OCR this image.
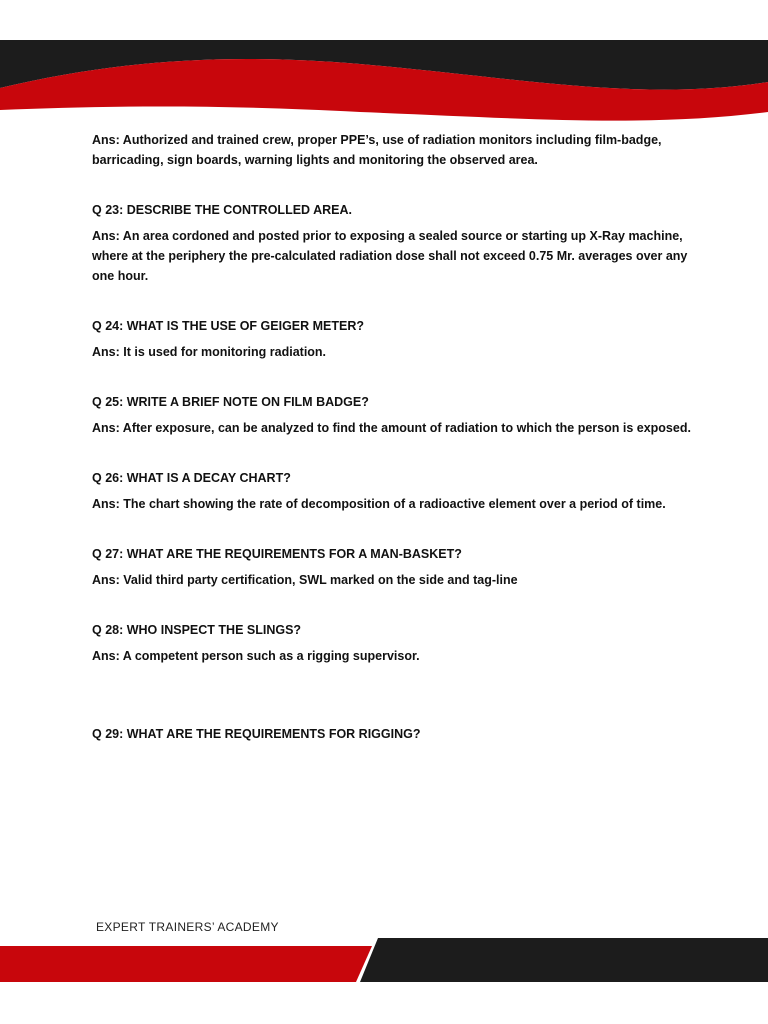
Ans: Authorized and trained crew, proper PPE’s, use of radiation monitors including film-badge, barricading, sign boards, warning lights and monitoring the observed area.

Q 23: DESCRIBE THE CONTROLLED AREA.

Ans: An area cordoned and posted prior to exposing a sealed source or starting up X-Ray machine, where at the periphery the pre-calculated radiation dose shall not exceed 0.75 Mr. averages over any one hour.

Q 24: WHAT IS THE USE OF GEIGER METER?

Ans: It is used for monitoring radiation.

Q 25: WRITE A BRIEF NOTE ON FILM BADGE?

Ans: After exposure, can be analyzed to find the amount of radiation to which the person is exposed.

Q 26: WHAT IS A DECAY CHART?

Ans: The chart showing the rate of decomposition of a radioactive element over a period of time.

Q 27: WHAT ARE THE REQUIREMENTS FOR A MAN-BASKET?

Ans: Valid third party certification, SWL marked on the side and tag-line

Q 28: WHO INSPECT THE SLINGS?

Ans: A competent person such as a rigging supervisor.

Q 29: WHAT ARE THE REQUIREMENTS FOR RIGGING?

EXPERT TRAINERS’ ACADEMY
